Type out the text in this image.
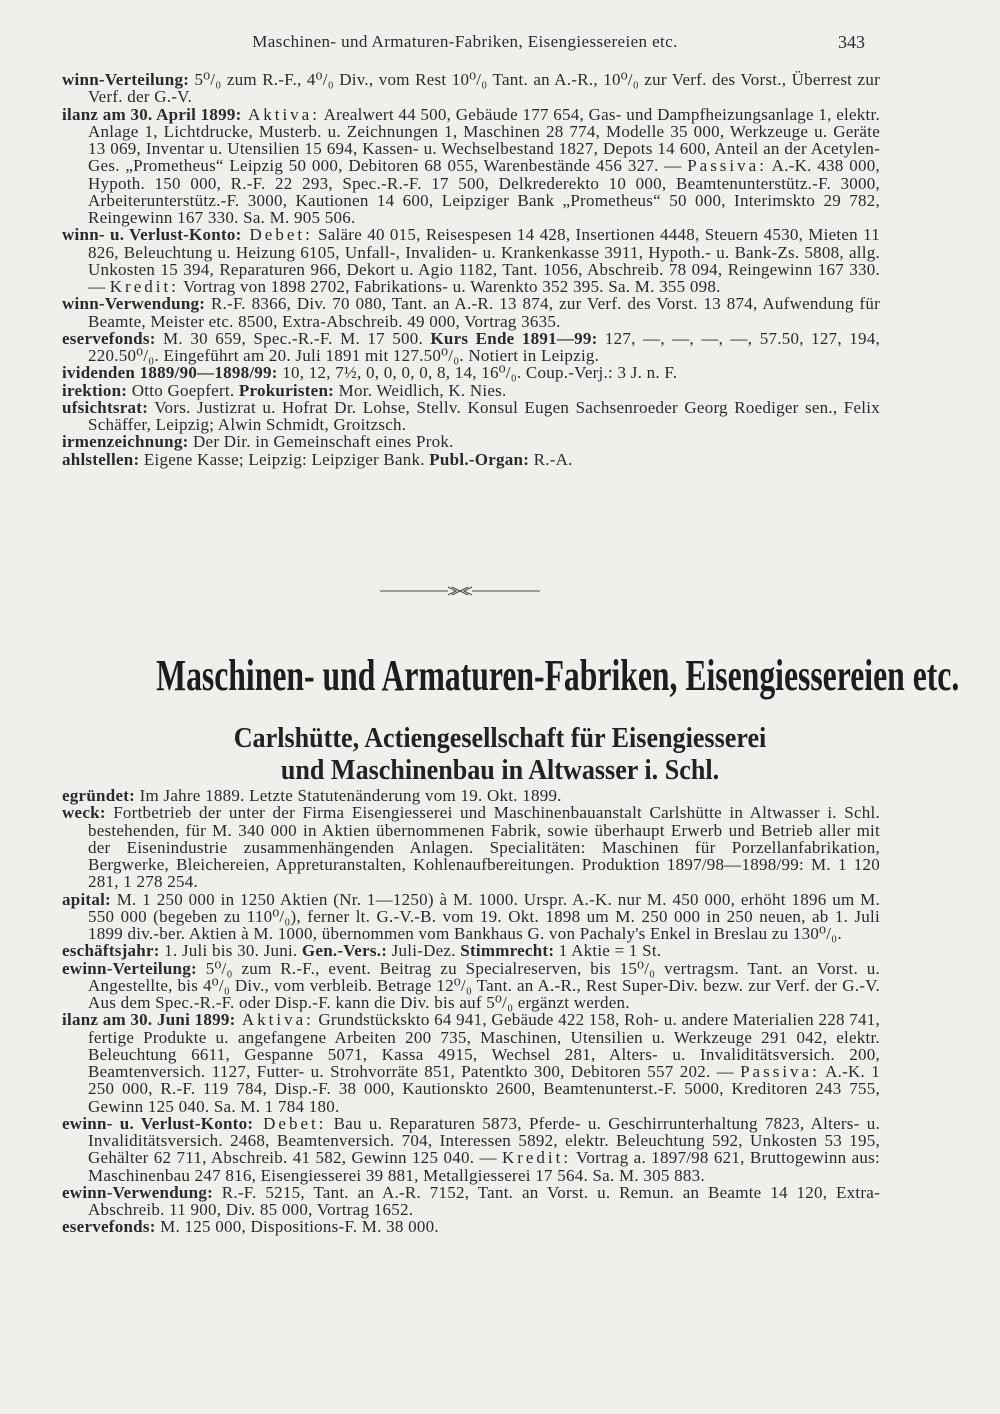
Maschinen- und Armaturen-Fabriken, Eisengiessereien etc.	343

winn-Verteilung: 5⁰/₀ zum R.-F., 4⁰/₀ Div., vom Rest 10⁰/₀ Tant. an A.-R., 10⁰/₀ zur Verf. des Vorst., Überrest zur Verf. der G.-V.

ilanz am 30. April 1899: Aktiva: Arealwert 44 500, Gebäude 177 654, Gas- und Dampfheizungsanlage 1, elektr. Anlage 1, Lichtdrucke, Musterb. u. Zeichnungen 1, Maschinen 28 774, Modelle 35 000, Werkzeuge u. Geräte 13 069, Inventar u. Utensilien 15 694, Kassen- u. Wechselbestand 1827, Depots 14 600, Anteil an der Acetylen-Ges. „Prometheus“ Leipzig 50 000, Debitoren 68 055, Warenbestände 456 327. — Passiva: A.-K. 438 000, Hypoth. 150 000, R.-F. 22 293, Spec.-R.-F. 17 500, Delkrederekto 10 000, Beamtenunterstütz.-F. 3000, Arbeiterunterstütz.-F. 3000, Kautionen 14 600, Leipziger Bank „Prometheus“ 50 000, Interimskto 29 782, Reingewinn 167 330. Sa. M. 905 506.

winn- u. Verlust-Konto: Debet: Saläre 40 015, Reisespesen 14 428, Insertionen 4448, Steuern 4530, Mieten 11 826, Beleuchtung u. Heizung 6105, Unfall-, Invaliden- u. Krankenkasse 3911, Hypoth.- u. Bank-Zs. 5808, allg. Unkosten 15 394, Reparaturen 966, Dekort u. Agio 1182, Tant. 1056, Abschreib. 78 094, Reingewinn 167 330. — Kredit: Vortrag von 1898 2702, Fabrikations- u. Warenkto 352 395. Sa. M. 355 098.

winn-Verwendung: R.-F. 8366, Div. 70 080, Tant. an A.-R. 13 874, zur Verf. des Vorst. 13 874, Aufwendung für Beamte, Meister etc. 8500, Extra-Abschreib. 49 000, Vortrag 3635.

eservefonds: M. 30 659, Spec.-R.-F. M. 17 500. Kurs Ende 1891—99: 127, —, —, —, —, 57.50, 127, 194, 220.50⁰/₀. Eingeführt am 20. Juli 1891 mit 127.50⁰/₀. Notiert in Leipzig.

ividenden 1889/90—1898/99: 10, 12, 7½, 0, 0, 0, 0, 8, 14, 16⁰/₀. Coup.-Verj.: 3 J. n. F.

irektion: Otto Goepfert. Prokuristen: Mor. Weidlich, K. Nies.

ufsichtsrat: Vors. Justizrat u. Hofrat Dr. Lohse, Stellv. Konsul Eugen Sachsenroeder Georg Roediger sen., Felix Schäffer, Leipzig; Alwin Schmidt, Groitzsch.

irmenzeichnung: Der Dir. in Gemeinschaft eines Prok.

ahlstellen: Eigene Kasse; Leipzig: Leipziger Bank. Publ.-Organ: R.-A.

Maschinen- und Armaturen-Fabriken, Eisengiessereien etc.
Carlshütte, Actiengesellschaft für Eisengiesserei
und Maschinenbau in Altwasser i. Schl.

egründet: Im Jahre 1889. Letzte Statutenänderung vom 19. Okt. 1899.

weck: Fortbetrieb der unter der Firma Eisengiesserei und Maschinenbauanstalt Carlshütte in Altwasser i. Schl. bestehenden, für M. 340 000 in Aktien übernommenen Fabrik, sowie überhaupt Erwerb und Betrieb aller mit der Eisenindustrie zusammenhängenden Anlagen. Specialitäten: Maschinen für Porzellanfabrikation, Bergwerke, Bleichereien, Appreturanstalten, Kohlenaufbereitungen. Produktion 1897/98—1898/99: M. 1 120 281, 1 278 254.

apital: M. 1 250 000 in 1250 Aktien (Nr. 1—1250) à M. 1000. Urspr. A.-K. nur M. 450 000, erhöht 1896 um M. 550 000 (begeben zu 110⁰/₀), ferner lt. G.-V.-B. vom 19. Okt. 1898 um M. 250 000 in 250 neuen, ab 1. Juli 1899 div.-ber. Aktien à M. 1000, übernommen vom Bankhaus G. von Pachaly's Enkel in Breslau zu 130⁰/₀.

eschäftsjahr: 1. Juli bis 30. Juni. Gen.-Vers.: Juli-Dez. Stimmrecht: 1 Aktie = 1 St.

ewinn-Verteilung: 5⁰/₀ zum R.-F., event. Beitrag zu Specialreserven, bis 15⁰/₀ vertragsm. Tant. an Vorst. u. Angestellte, bis 4⁰/₀ Div., vom verbleib. Betrage 12⁰/₀ Tant. an A.-R., Rest Super-Div. bezw. zur Verf. der G.-V. Aus dem Spec.-R.-F. oder Disp.-F. kann die Div. bis auf 5⁰/₀ ergänzt werden.

ilanz am 30. Juni 1899: Aktiva: Grundstückskto 64 941, Gebäude 422 158, Roh- u. andere Materialien 228 741, fertige Produkte u. angefangene Arbeiten 200 735, Maschinen, Utensilien u. Werkzeuge 291 042, elektr. Beleuchtung 6611, Gespanne 5071, Kassa 4915, Wechsel 281, Alters- u. Invaliditätsversich. 200, Beamtenversich. 1127, Futter- u. Strohvorräte 851, Patentkto 300, Debitoren 557 202. — Passiva: A.-K. 1 250 000, R.-F. 119 784, Disp.-F. 38 000, Kautionskto 2600, Beamtenunterst.-F. 5000, Kreditoren 243 755, Gewinn 125 040. Sa. M. 1 784 180.

ewinn- u. Verlust-Konto: Debet: Bau u. Reparaturen 5873, Pferde- u. Geschirrunterhaltung 7823, Alters- u. Invaliditätsversich. 2468, Beamtenversich. 704, Interessen 5892, elektr. Beleuchtung 592, Unkosten 53 195, Gehälter 62 711, Abschreib. 41 582, Gewinn 125 040. — Kredit: Vortrag a. 1897/98 621, Bruttogewinn aus: Maschinenbau 247 816, Eisengiesserei 39 881, Metallgiesserei 17 564. Sa. M. 305 883.

ewinn-Verwendung: R.-F. 5215, Tant. an A.-R. 7152, Tant. an Vorst. u. Remun. an Beamte 14 120, Extra-Abschreib. 11 900, Div. 85 000, Vortrag 1652.

eservefonds: M. 125 000, Dispositions-F. M. 38 000.
